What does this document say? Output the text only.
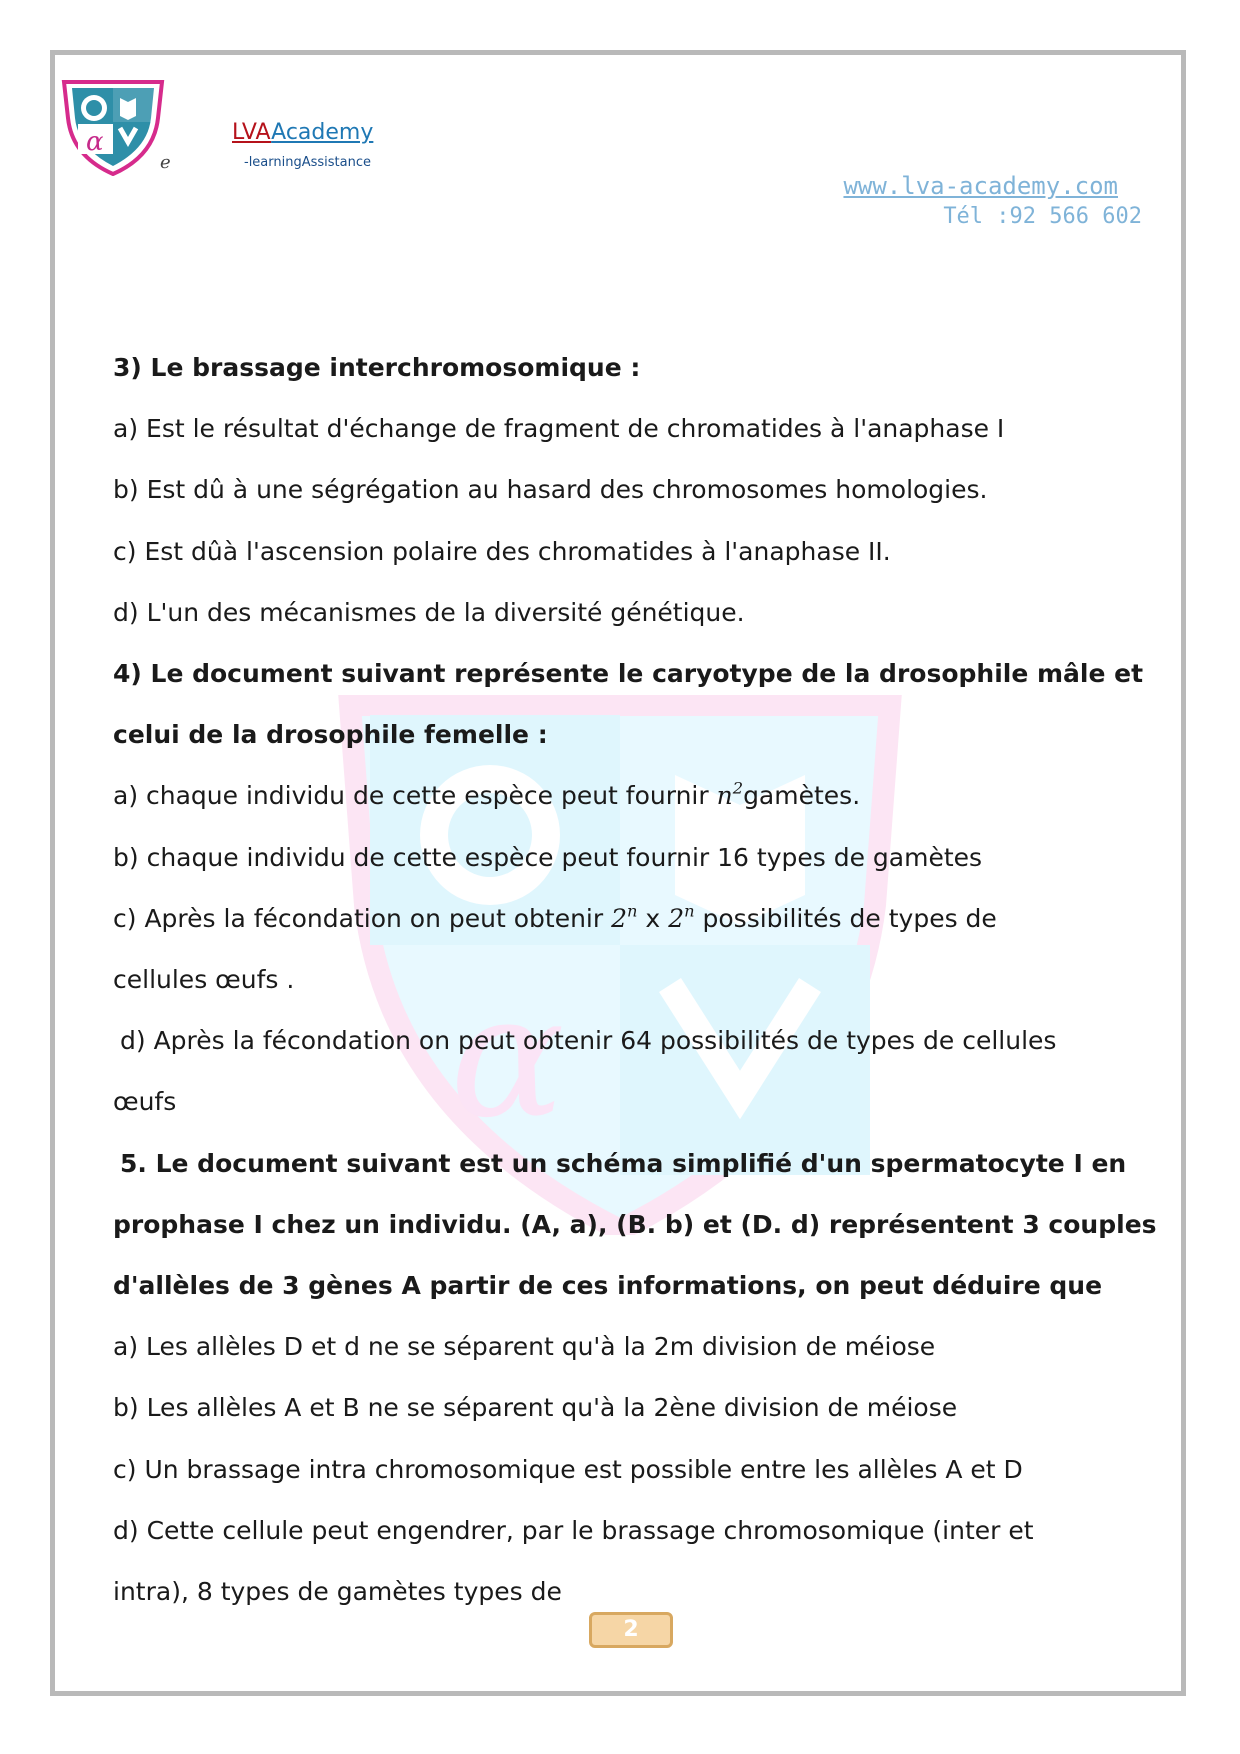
α
e
LVAAcademy
-learningAssistance
www.lva-academy.com
Tél :92 566 602
α
3) Le brassage interchromosomique :
a) Est le résultat d'échange de fragment de chromatides à l'anaphase I
b) Est dû à une ségrégation au hasard des chromosomes homologies.
c) Est dûà l'ascension polaire des chromatides à l'anaphase II.
d) L'un des mécanismes de la diversité génétique.
4) Le document suivant représente le caryotype de la drosophile mâle et
celui de la drosophile femelle :
a) chaque individu de cette espèce peut fournir $n^2gamètes$.
b) chaque individu de cette espèce peut fournir 16 types de gamètes
c) Après la fécondation on peut obtenir 2$^n$ x 2$^n$ possibilités de types de
cellules œufs .
d) Après la fécondation on peut obtenir 64 possibilités de types de cellules
œufs
5. Le document suivant est un schéma simplifié d'un spermatocyte I en
prophase I chez un individu. (A, a), (B. b) et (D. d) représentent 3 couples
d'allèles de 3 gènes A partir de ces informations, on peut déduire que
a) Les allèles D et d ne se séparent qu'à la 2m division de méiose
b) Les allèles A et B ne se séparent qu'à la 2ène division de méiose
c) Un brassage intra chromosomique est possible entre les allèles A et D
d) Cette cellule peut engendrer, par le brassage chromosomique (inter et
intra), 8 types de gamètes types de
2
